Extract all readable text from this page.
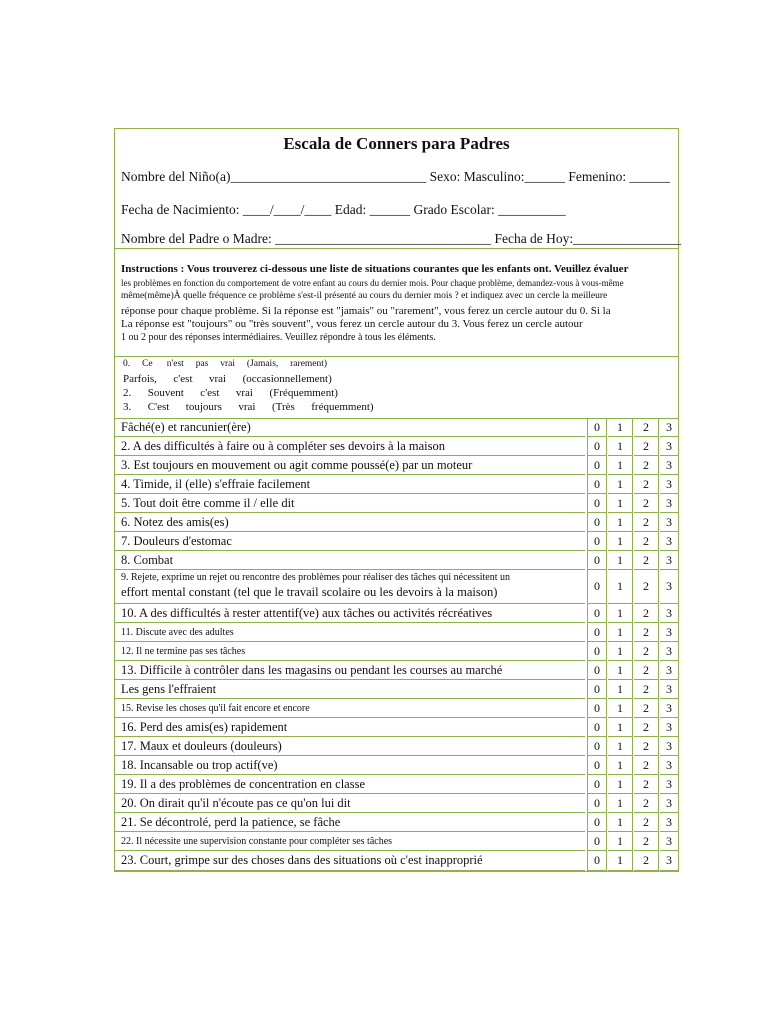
Escala de Conners para Padres
Nombre del Niño(a)_____________________________ Sexo: Masculino:______ Femenino: ______
Fecha de Nacimiento: ____/____/____ Edad: ______ Grado Escolar: __________
Nombre del Padre o Madre: ________________________________ Fecha de Hoy:________________
Instructions : Vous trouverez ci-dessous une liste de situations courantes que les enfants ont. Veuillez évaluer
les problèmes en fonction du comportement de votre enfant au cours du dernier mois. Pour chaque problème, demandez-vous à vous-même
même(même)À quelle fréquence ce problème s'est-il présenté au cours du dernier mois ? et indiquez avec un cercle la meilleure
réponse pour chaque problème. Si la réponse est "jamais" ou "rarement", vous ferez un cercle autour du 0. Si la
La réponse est "toujours" ou "très souvent", vous ferez un cercle autour du 3. Vous ferez un cercle autour
1 ou 2 pour des réponses intermédiaires. Veuillez répondre à tous les éléments.
0.     Ce      n'est     pas     vrai     (Jamais,     rarement)
Parfois,      c'est      vrai      (occasionnellement)
2.      Souvent      c'est      vrai      (Fréquemment)
3.      C'est      toujours      vrai      (Très      fréquemment)
Fâché(e) et rancunier(ère)	0	1	2	3
2. A des difficultés à faire ou à compléter ses devoirs à la maison	0	1	2	3
3. Est toujours en mouvement ou agit comme poussé(e) par un moteur	0	1	2	3
4. Timide, il (elle) s'effraie facilement	0	1	2	3
5. Tout doit être comme il / elle dit	0	1	2	3
6. Notez des amis(es)	0	1	2	3
7. Douleurs d'estomac	0	1	2	3
8. Combat	0	1	2	3
9. Rejete, exprime un rejet ou rencontre des problèmes pour réaliser des tâches qui nécessitent un
effort mental constant (tel que le travail scolaire ou les devoirs à la maison)	0	1	2	3
10. A des difficultés à rester attentif(ve) aux tâches ou activités récréatives	0	1	2	3
11. Discute avec des adultes	0	1	2	3
12. Il ne termine pas ses tâches	0	1	2	3
13. Difficile à contrôler dans les magasins ou pendant les courses au marché	0	1	2	3
Les gens l'effraient	0	1	2	3
15. Revise les choses qu'il fait encore et encore	0	1	2	3
16. Perd des amis(es) rapidement	0	1	2	3
17. Maux et douleurs (douleurs)	0	1	2	3
18. Incansable ou trop actif(ve)	0	1	2	3
19. Il a des problèmes de concentration en classe	0	1	2	3
20. On dirait qu'il n'écoute pas ce qu'on lui dit	0	1	2	3
21. Se décontrolé, perd la patience, se fâche	0	1	2	3
22. Il nécessite une supervision constante pour compléter ses tâches	0	1	2	3
23. Court, grimpe sur des choses dans des situations où c'est inapproprié	0	1	2	3
